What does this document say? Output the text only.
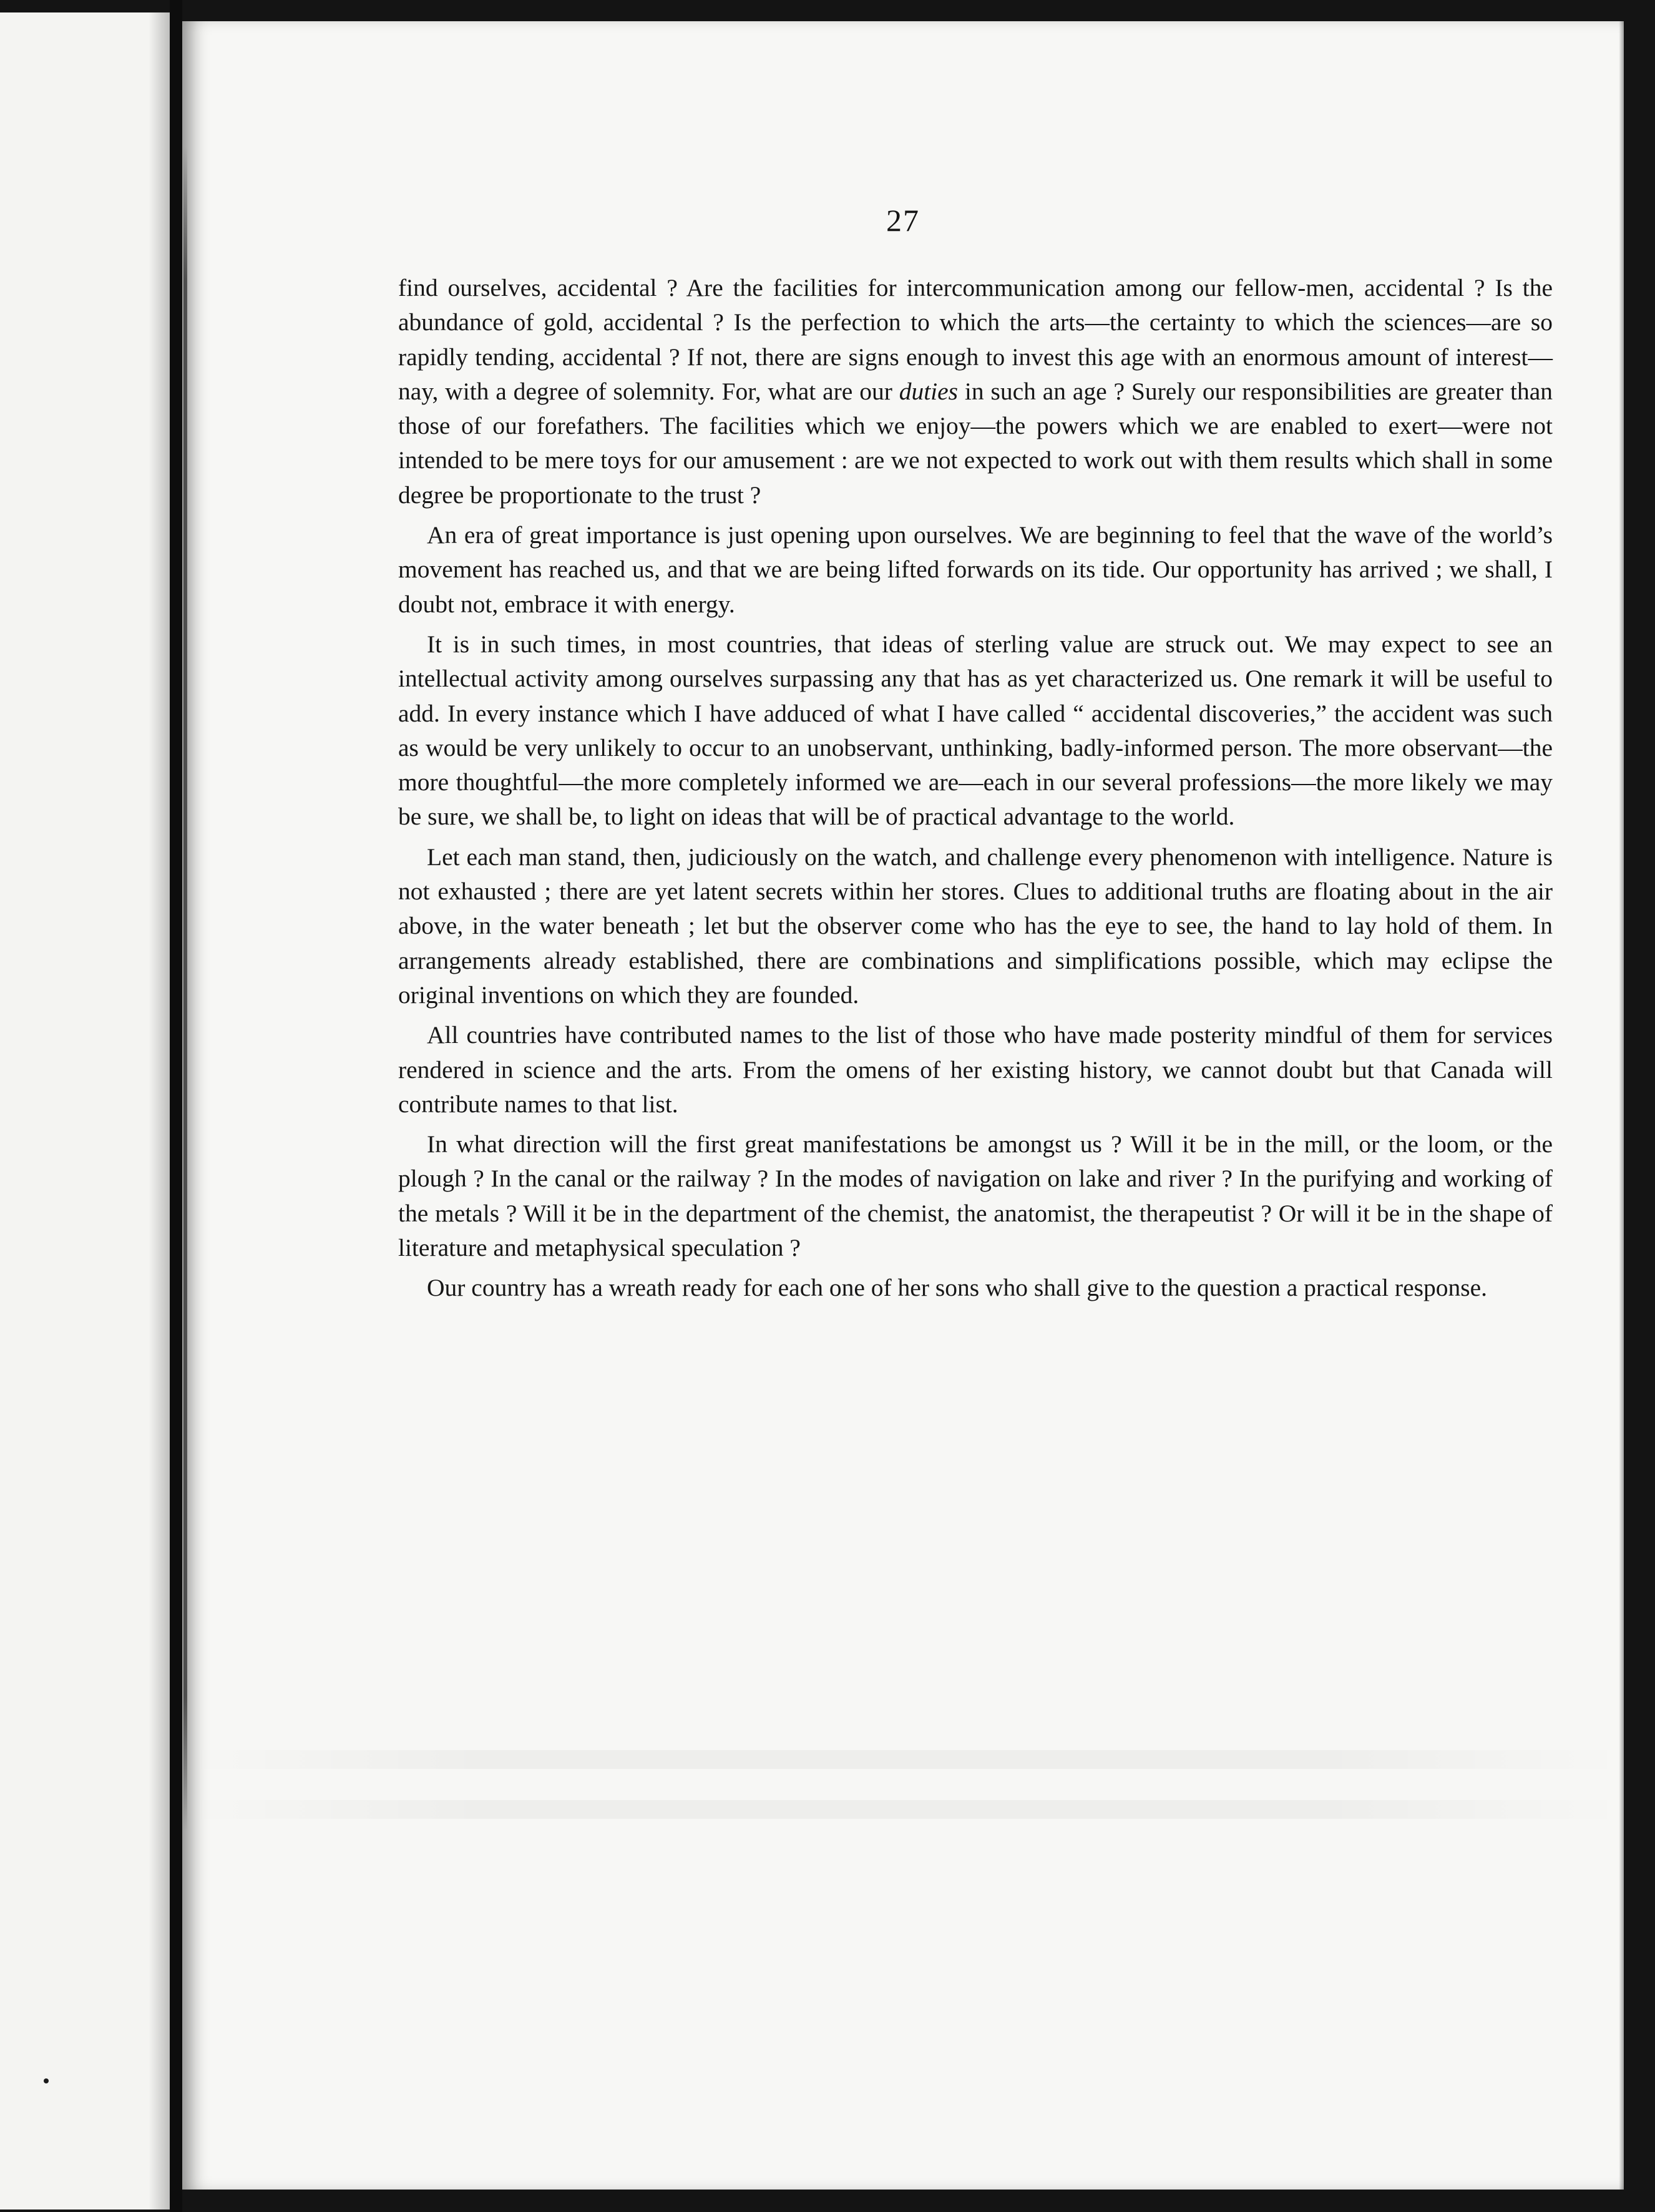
27

find ourselves, accidental ? Are the facilities for intercommunication among our fellow-men, accidental ? Is the abundance of gold, accidental ? Is the perfection to which the arts—the certainty to which the sciences—are so rapidly tending, accidental ? If not, there are signs enough to invest this age with an enormous amount of interest—nay, with a degree of solemnity. For, what are our duties in such an age ? Surely our responsibilities are greater than those of our forefathers. The facilities which we enjoy—the powers which we are enabled to exert—were not intended to be mere toys for our amusement : are we not expected to work out with them results which shall in some degree be proportionate to the trust ?

An era of great importance is just opening upon ourselves. We are beginning to feel that the wave of the world’s movement has reached us, and that we are being lifted forwards on its tide. Our opportunity has arrived ; we shall, I doubt not, embrace it with energy.

It is in such times, in most countries, that ideas of sterling value are struck out. We may expect to see an intellectual activity among ourselves surpassing any that has as yet characterized us. One remark it will be useful to add. In every instance which I have adduced of what I have called “ accidental discoveries,” the accident was such as would be very unlikely to occur to an unobservant, unthinking, badly-informed person. The more observant—the more thoughtful—the more completely informed we are—each in our several professions—the more likely we may be sure, we shall be, to light on ideas that will be of practical advantage to the world.

Let each man stand, then, judiciously on the watch, and challenge every phenomenon with intelligence. Nature is not exhausted ; there are yet latent secrets within her stores. Clues to additional truths are floating about in the air above, in the water beneath ; let but the observer come who has the eye to see, the hand to lay hold of them. In arrangements already established, there are combinations and simplifications possible, which may eclipse the original inventions on which they are founded.

All countries have contributed names to the list of those who have made posterity mindful of them for services rendered in science and the arts. From the omens of her existing history, we cannot doubt but that Canada will contribute names to that list.

In what direction will the first great manifestations be amongst us ? Will it be in the mill, or the loom, or the plough ? In the canal or the railway ? In the modes of navigation on lake and river ? In the purifying and working of the metals ? Will it be in the department of the chemist, the anatomist, the therapeutist ? Or will it be in the shape of literature and metaphysical speculation ?

Our country has a wreath ready for each one of her sons who shall give to the question a practical response.
